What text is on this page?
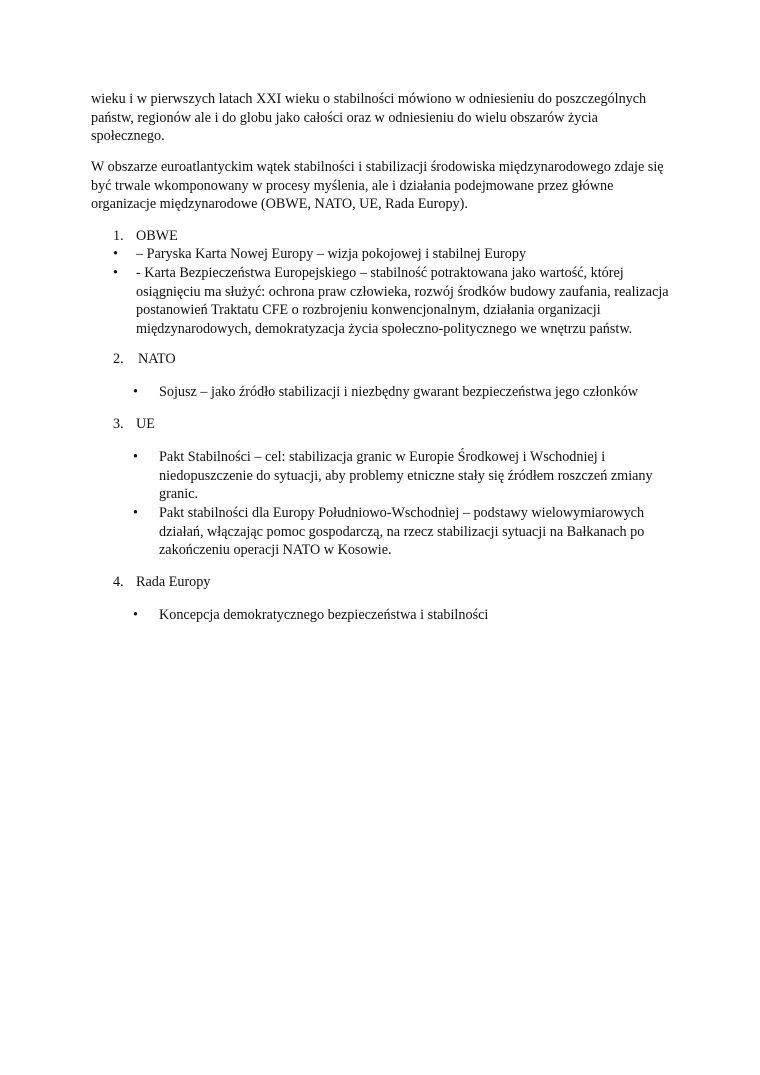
wieku i w pierwszych latach XXI wieku o stabilności mówiono w odniesieniu do poszczególnych
państw, regionów ale i do globu jako całości oraz w odniesieniu do wielu obszarów życia
społecznego.

W obszarze euroatlantyckim wątek stabilności i stabilizacji środowiska międzynarodowego zdaje się
być trwale wkomponowany w procesy myślenia, ale i działania podejmowane przez główne
organizacje międzynarodowe (OBWE, NATO, UE, Rada Europy).

1. OBWE
• – Paryska Karta Nowej Europy – wizja pokojowej i stabilnej Europy
• - Karta Bezpieczeństwa Europejskiego – stabilność potraktowana jako wartość, której
osiągnięciu ma służyć: ochrona praw człowieka, rozwój środków budowy zaufania, realizacja
postanowień Traktatu CFE o rozbrojeniu konwencjonalnym, działania organizacji
międzynarodowych, demokratyzacja życia społeczno-politycznego we wnętrzu państw.
2. NATO
• Sojusz – jako źródło stabilizacji i niezbędny gwarant bezpieczeństwa jego członków
3. UE
• Pakt Stabilności – cel: stabilizacja granic w Europie Środkowej i Wschodniej i
niedopuszczenie do sytuacji, aby problemy etniczne stały się źródłem roszczeń zmiany
granic.
• Pakt stabilności dla Europy Południowo-Wschodniej – podstawy wielowymiarowych
działań, włączając pomoc gospodarczą, na rzecz stabilizacji sytuacji na Bałkanach po
zakończeniu operacji NATO w Kosowie.
4. Rada Europy
• Koncepcja demokratycznego bezpieczeństwa i stabilności
